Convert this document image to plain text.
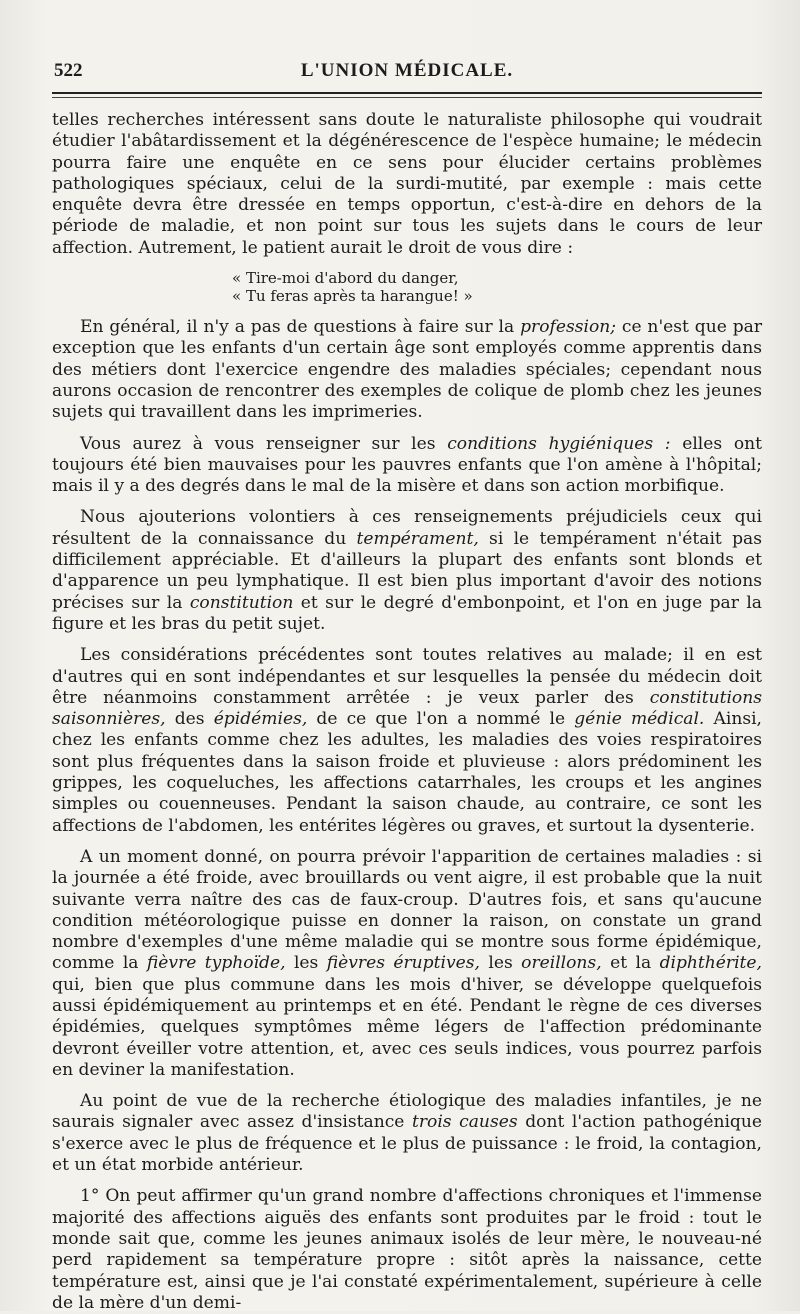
522	L'UNION MÉDICALE.

telles recherches intéressent sans doute le naturaliste philosophe qui voudrait étudier l'abâtardissement et la dégénérescence de l'espèce humaine; le médecin pourra faire une enquête en ce sens pour élucider certains problèmes pathologiques spéciaux, celui de la surdi-mutité, par exemple : mais cette enquête devra être dressée en temps opportun, c'est-à-dire en dehors de la période de maladie, et non point sur tous les sujets dans le cours de leur affection. Autrement, le patient aurait le droit de vous dire :

« Tire-moi d'abord du danger,
« Tu feras après ta harangue! »

En général, il n'y a pas de questions à faire sur la profession; ce n'est que par exception que les enfants d'un certain âge sont employés comme apprentis dans des métiers dont l'exercice engendre des maladies spéciales; cependant nous aurons occasion de rencontrer des exemples de colique de plomb chez les jeunes sujets qui travaillent dans les imprimeries.

Vous aurez à vous renseigner sur les conditions hygiéniques : elles ont toujours été bien mauvaises pour les pauvres enfants que l'on amène à l'hôpital; mais il y a des degrés dans le mal de la misère et dans son action morbifique.

Nous ajouterions volontiers à ces renseignements préjudiciels ceux qui résultent de la connaissance du tempérament, si le tempérament n'était pas difficilement appréciable. Et d'ailleurs la plupart des enfants sont blonds et d'apparence un peu lymphatique. Il est bien plus important d'avoir des notions précises sur la constitution et sur le degré d'embonpoint, et l'on en juge par la figure et les bras du petit sujet.

Les considérations précédentes sont toutes relatives au malade; il en est d'autres qui en sont indépendantes et sur lesquelles la pensée du médecin doit être néanmoins constamment arrêtée : je veux parler des constitutions saisonnières, des épidémies, de ce que l'on a nommé le génie médical. Ainsi, chez les enfants comme chez les adultes, les maladies des voies respiratoires sont plus fréquentes dans la saison froide et pluvieuse : alors prédominent les grippes, les coqueluches, les affections catarrhales, les croups et les angines simples ou couenneuses. Pendant la saison chaude, au contraire, ce sont les affections de l'abdomen, les entérites légères ou graves, et surtout la dysenterie.

A un moment donné, on pourra prévoir l'apparition de certaines maladies : si la journée a été froide, avec brouillards ou vent aigre, il est probable que la nuit suivante verra naître des cas de faux-croup. D'autres fois, et sans qu'aucune condition météorologique puisse en donner la raison, on constate un grand nombre d'exemples d'une même maladie qui se montre sous forme épidémique, comme la fièvre typhoïde, les fièvres éruptives, les oreillons, et la diphthérite, qui, bien que plus commune dans les mois d'hiver, se développe quelquefois aussi épidémiquement au printemps et en été. Pendant le règne de ces diverses épidémies, quelques symptômes même légers de l'affection prédominante devront éveiller votre attention, et, avec ces seuls indices, vous pourrez parfois en deviner la manifestation.

Au point de vue de la recherche étiologique des maladies infantiles, je ne saurais signaler avec assez d'insistance trois causes dont l'action pathogénique s'exerce avec le plus de fréquence et le plus de puissance : le froid, la contagion, et un état morbide antérieur.

1° On peut affirmer qu'un grand nombre d'affections chroniques et l'immense majorité des affections aiguës des enfants sont produites par le froid : tout le monde sait que, comme les jeunes animaux isolés de leur mère, le nouveau-né perd rapidement sa température propre : sitôt après la naissance, cette température est, ainsi que je l'ai constaté expérimentalement, supérieure à celle de la mère d'un demi-
